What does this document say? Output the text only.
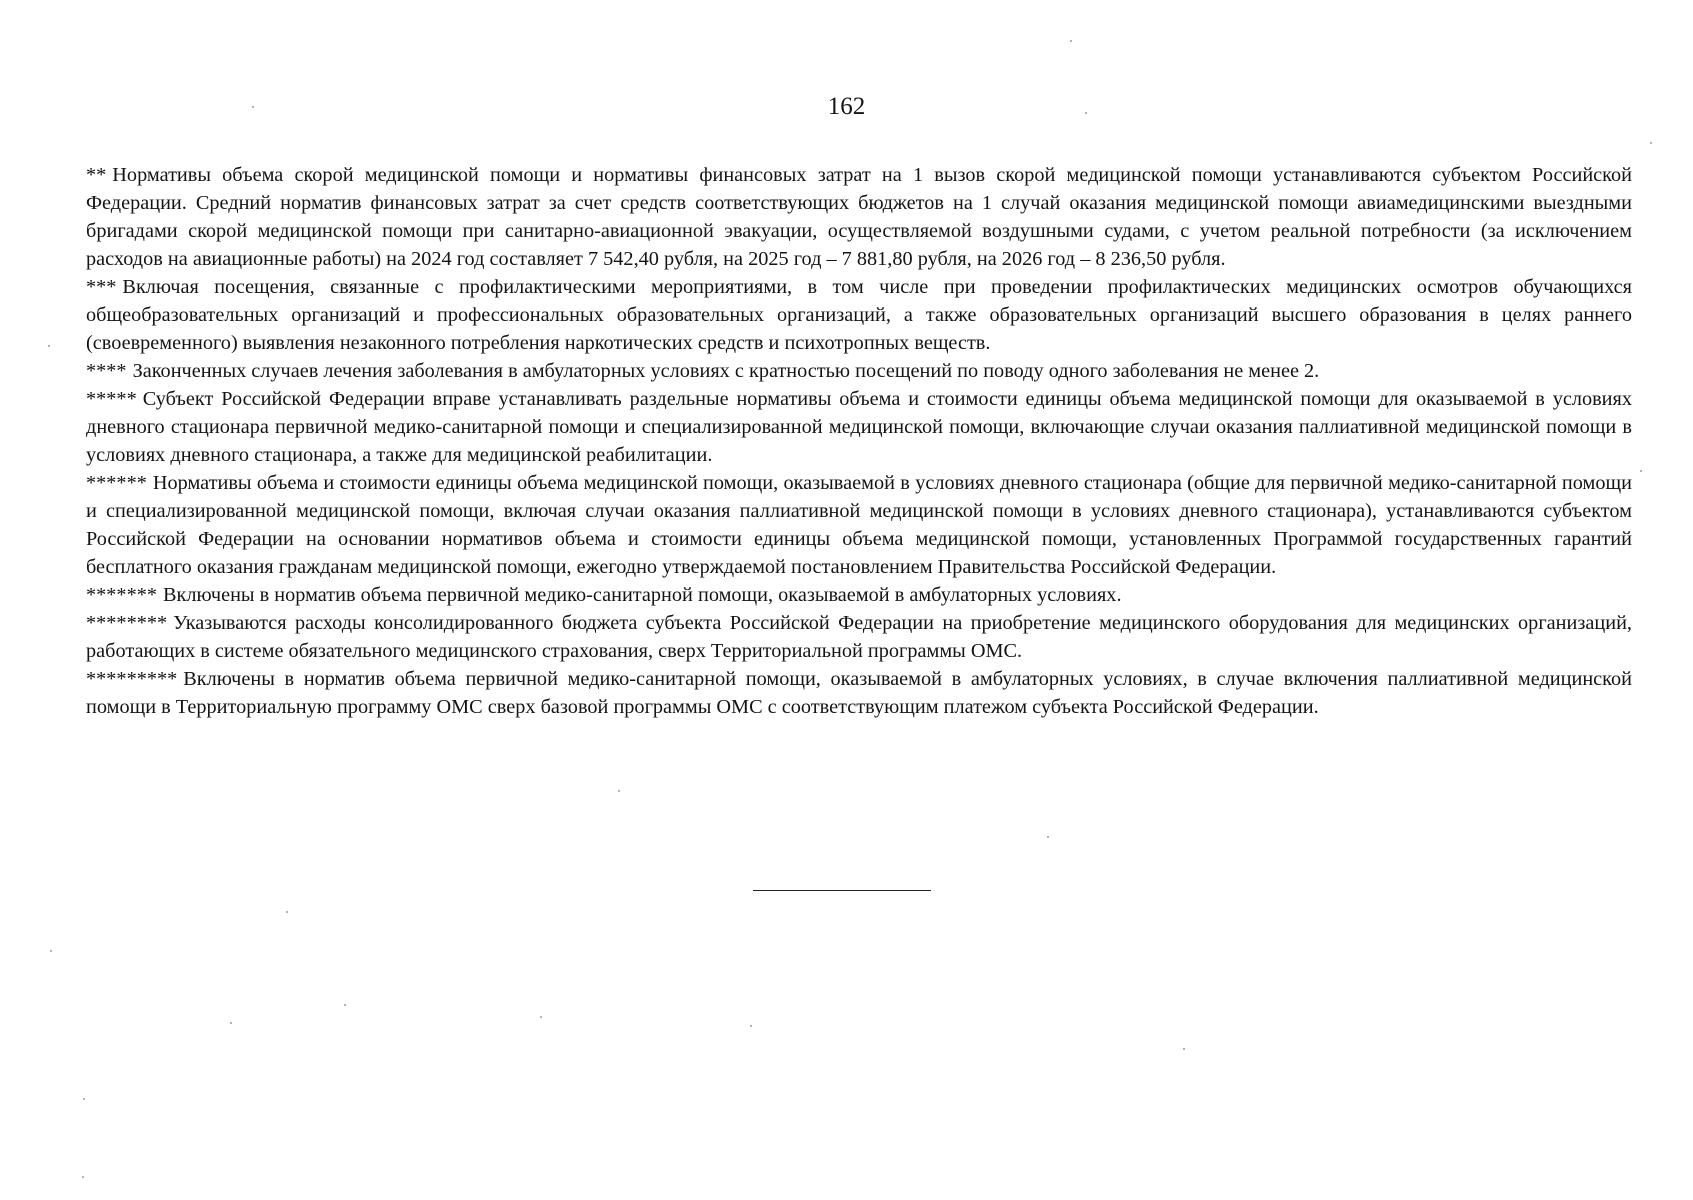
162

** Нормативы объема скорой медицинской помощи и нормативы финансовых затрат на 1 вызов скорой медицинской помощи устанавливаются субъектом Российской Федерации. Средний норматив финансовых затрат за счет средств соответствующих бюджетов на 1 случай оказания медицинской помощи авиамедицинскими выездными бригадами скорой медицинской помощи при санитарно-авиационной эвакуации, осуществляемой воздушными судами, с учетом реальной потребности (за исключением расходов на авиационные работы) на 2024 год составляет 7 542,40 рубля, на 2025 год – 7 881,80 рубля, на 2026 год – 8 236,50 рубля.

*** Включая посещения, связанные с профилактическими мероприятиями, в том числе при проведении профилактических медицинских осмотров обучающихся общеобразовательных организаций и профессиональных образовательных организаций, а также образовательных организаций высшего образования в целях раннего (своевременного) выявления незаконного потребления наркотических средств и психотропных веществ.

**** Законченных случаев лечения заболевания в амбулаторных условиях с кратностью посещений по поводу одного заболевания не менее 2.

***** Субъект Российской Федерации вправе устанавливать раздельные нормативы объема и стоимости единицы объема медицинской помощи для оказываемой в условиях дневного стационара первичной медико-санитарной помощи и специализированной медицинской помощи, включающие случаи оказания паллиативной медицинской помощи в условиях дневного стационара, а также для медицинской реабилитации.

****** Нормативы объема и стоимости единицы объема медицинской помощи, оказываемой в условиях дневного стационара (общие для первичной медико-санитарной помощи и специализированной медицинской помощи, включая случаи оказания паллиативной медицинской помощи в условиях дневного стационара), устанавливаются субъектом Российской Федерации на основании нормативов объема и стоимости единицы объема медицинской помощи, установленных Программой государственных гарантий бесплатного оказания гражданам медицинской помощи, ежегодно утверждаемой постановлением Правительства Российской Федерации.

******* Включены в норматив объема первичной медико-санитарной помощи, оказываемой в амбулаторных условиях.

******** Указываются расходы консолидированного бюджета субъекта Российской Федерации на приобретение медицинского оборудования для медицинских организаций, работающих в системе обязательного медицинского страхования, сверх Территориальной программы ОМС.

********* Включены в норматив объема первичной медико-санитарной помощи, оказываемой в амбулаторных условиях, в случае включения паллиативной медицинской помощи в Территориальную программу ОМС сверх базовой программы ОМС с соответствующим платежом субъекта Российской Федерации.
